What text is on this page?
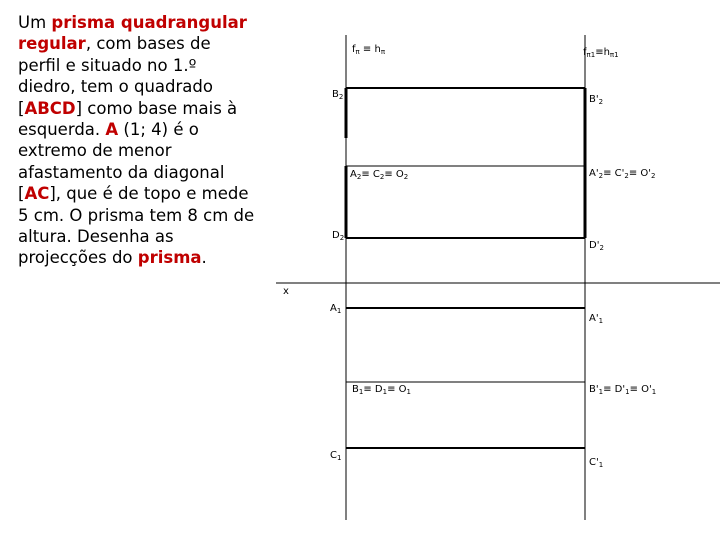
Um prisma quadrangular regular, com bases de perfil e situado no 1.º diedro, tem o quadrado [ABCD] como base mais à esquerda. A (1; 4) é o extremo de menor afastamento da diagonal [AC], que é de topo e mede 5 cm. O prisma tem 8 cm de altura. Desenha as projecções do prisma.
x
$f_\pi \equiv h_\pi$	$f_{\pi 1}\equiv h_{\pi 1}$
$B_2$	$B'_2$
$A_2\equiv C_2\equiv O_2$	$A'_2\equiv C'_2\equiv O'_2$
$D_2$
$D'_2$
$A_1$
$A'_1$
$B_1\equiv D_1\equiv O_1$	$B'_1\equiv D'_1\equiv O'_1$
$C_1$	$C'_1$
